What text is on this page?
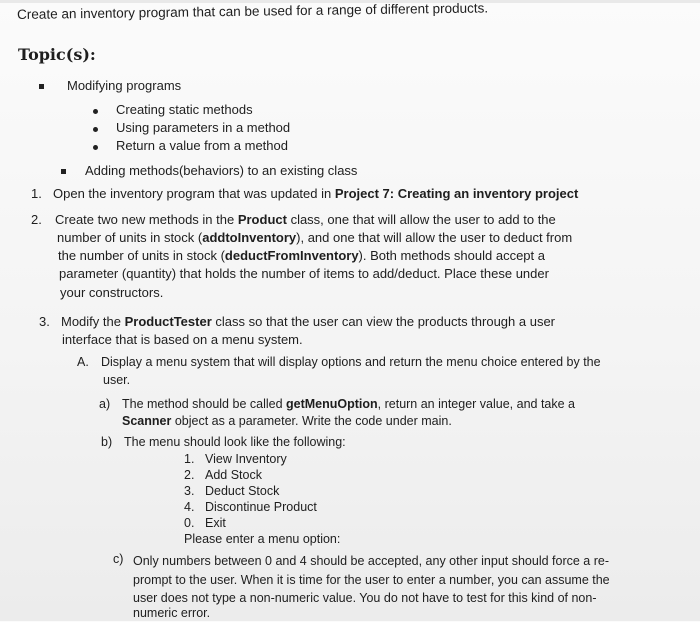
Create an inventory program that can be used for a range of different products.
Topic(s):
Modifying programs
Creating static methods
Using parameters in a method
Return a value from a method
Adding methods(behaviors) to an existing class
1. Open the inventory program that was updated in Project 7: Creating an inventory project
2. Create two new methods in the Product class, one that will allow the user to add to the
number of units in stock (addtoInventory), and one that will allow the user to deduct from
the number of units in stock (deductFromInventory). Both methods should accept a
parameter (quantity) that holds the number of items to add/deduct. Place these under
your constructors.
3. Modify the ProductTester class so that the user can view the products through a user
interface that is based on a menu system.
A. Display a menu system that will display options and return the menu choice entered by the
user.
a) The method should be called getMenuOption, return an integer value, and take a
Scanner object as a parameter. Write the code under main.
b) The menu should look like the following:
1. View Inventory
2. Add Stock
3. Deduct Stock
4. Discontinue Product
0. Exit
Please enter a menu option:
c) Only numbers between 0 and 4 should be accepted, any other input should force a re-
prompt to the user. When it is time for the user to enter a number, you can assume the
user does not type a non-numeric value. You do not have to test for this kind of non-
numeric error.
